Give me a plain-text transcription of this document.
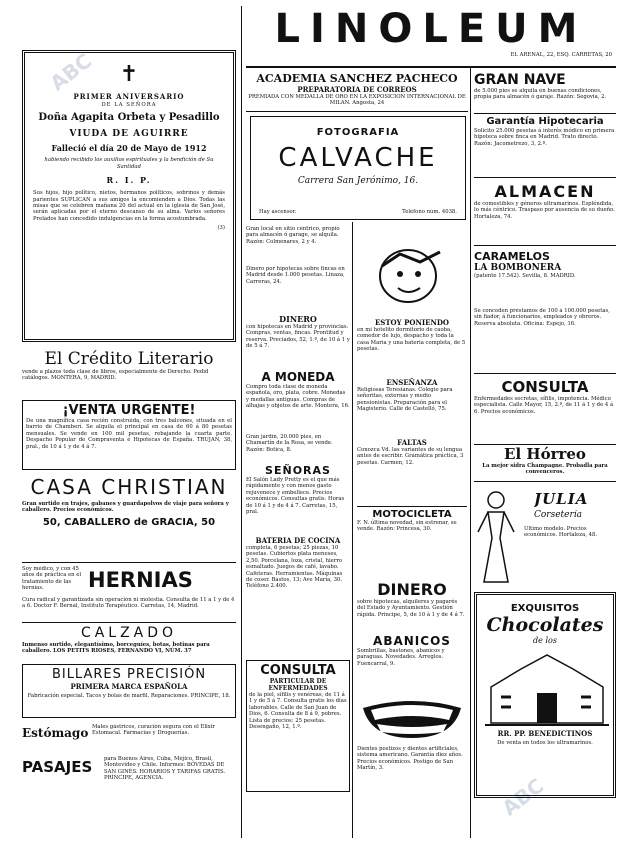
ABC
ABC
✝
PRIMER ANIVERSARIO
DE LA SEÑORA
Doña Agapita Orbeta y Pesadillo
VIUDA DE AGUIRRE
Falleció el día 20 de Mayo de 1912
habiendo recibido los auxilios espirituales y la bendición de Su Santidad
R. I. P.
Sus hijos, hijo político, nietos, hermanos políticos, sobrinos y demás parientes SUPLICAN a sus amigos la encomienden a Dios. Todas las misas que se celebren mañana 20 del actual en la iglesia de San José, serán aplicadas por el eterno descanso de su alma. Varios señores Prelados han concedido indulgencias en la forma acostumbrada.
(3)
El Crédito Literario
vende a plazos toda clase de libros, especialmente de Derecho. Pedid catálogos. MONTERA, 9, MADRID.
¡VENTA URGENTE!
De una magnífica casa recién construida, con tres balcones, situada en el barrio de Chamberí. Se alquila el principal en casa de 60 á 80 pesetas mensuales. Se vende en 100 mil pesetas, rebajando la cuarta parte. Despacho Popular de Compraventa é Hipotecas de España. TRUJAN, 38, pral., de 10 á 1 y de 4 á 7.
CASA CHRISTIAN
Gran surtido en trajes, gabanes y guardapolvos de viaje para señora y caballero. Precios económicos.
50, CABALLERO de GRACIA, 50
Soy médico, y con 45 años de práctica en el tratamiento de las hernias.	HERNIAS
Cura radical y garantizada sin operación ni molestia. Consulta de 11 a 1 y de 4 a 6. Doctor F. Bernal, Instituto Terapéutico. Carretas, 14, Madrid.
CALZADO
Inmenso surtido, elegantísimo, borceguíes, botas, botinas para caballero. LOS PETITS RIOSES, FERNANDO VI, NÚM. 37
BILLARES PRECISIÓN
PRIMERA MARCA ESPAÑOLA
Fabricación especial. Tacos y bolas de marfil. Reparaciones. PRINCIPE, 18.
Estómago Males gástricos, curación segura con el Elixir Estomacal. Farmacias y Droguerías.
PASAJES	para Buenos Aires, Cuba, Méjico, Brasil, Montevideo y Chile. Informes: BÓVEDAS DE SAN GINÉS. HORARIOS Y TARIFAS GRATIS. PRÍNCIPE, AGENCIA.
LINOLEUM
EL ARENAL, 22, ESQ. CARRETAS, 20
ACADEMIA SANCHEZ PACHECO
PREPARATORIA DE CORREOS
PREMIADA CON MEDALLA DE ORO EN LA EXPOSICION INTERNACIONAL DE MILAN. Angosta, 24
FOTOGRAFIA
CALVACHE
Carrera San Jerónimo, 16.
Hay ascensor.	Teléfono núm. 4038.
Gran local en sitio céntrico, propio para almacén ó garage, se alquila. Razón: Colmenares, 2 y 4.
Dinero por hipotecas sobre fincas en Madrid desde 1.000 pesetas. Linaza, Carreras, 24.
DINERO
con hipotecas en Madrid y provincias. Compras, ventas, fincas. Prontitud y reserva. Preciados, 52, 1.º, de 10 á 1 y de 5 á 7.
A MONEDA
Compro toda clase de moneda española, oro, plata, cobre. Monedas y medallas antiguas. Compras de alhajas y objetos de arte. Montera, 16.
Gran jardín, 20.000 pies, en Chamartín de la Rosa, se vende. Razón: Botica, 8.
SEÑORAS
El Salón Lady Pretty es el que más rápidamente y con menos gasto rejuvenece y embellece. Precios económicos. Consultas gratis. Horas de 10 á 1 y de 4 á 7. Carretas, 15, pral.
BATERIA DE COCINA
completa, 6 pesetas; 25 piezas, 10 pesetas. Cubiertos plata meneses, 2,50. Porcelana, loza, cristal, hierro esmaltado. Juegos de café, lavabo. Cafeteras. Herramientas. Máquinas de coser. Bastos, 13; Ave María, 30. Teléfono 2.400.
CONSULTA
PARTICULAR DE ENFERMEDADES
de la piel, sífilis y venéreas, de 11 á 1 y de 5 á 7. Consulta gratis los días laborables. Calle de San Juan de Dios, 6. Consulta de 8 á 9, pobres. Lista de precios: 25 pesetas. Desengaño, 12, 1.º.
ESTOY PONIENDO
en mi hotelito dormitorio de caoba, comedor de lujo, despacho y toda la casa Maria y una bateria completa, de 5 pesetas.
ENSEÑANZA
Religiosas Teresianas. Colegio para señoritas, externas y medio pensionistas. Preparación para el Magisterio. Calle de Castelló, 75.
FALTAS
Conozca Vd. las variantes de su lengua antes de escribir. Gramática práctica, 3 pesetas. Carmen, 12.
MOTOCICLETA
F. N. última novedad, sin estrenar, se vende. Razón: Princesa, 30.
DINERO
sobre hipotecas, alquileres y pagarés del Estado y Ayuntamiento. Gestión rápida. Principe, 5, de 10 á 1 y de 4 á 7.
ABANICOS
Sombrillas, bastones, abanicos y paraguas. Novedades. Arreglos. Fuencarral, 9.
Dientes postizos y dientes artificiales, sistema americano. Garantía diez años. Precios económicos. Postigo de San Martín, 3.
GRAN NAVE
de 5.000 pies se alquila en buenas condiciones, propia para almacén ó garaje. Razón: Segovia, 2.
Garantía Hipotecaria
Solicito 25.000 pesetas á interés módico en primera hipoteca sobre finca en Madrid. Trato directo. Razón: Jacometrezo, 3, 2.º.
ALMACEN
de comestibles y géneros ultramarinos. Espléndida, lo más céntrico. Traspaso por ausencia de su dueño. Hortaleza, 74.
CARAMELOS
LA BOMBONERA
(patente 17.542). Sevilla, 8. MADRID.
Se conceden préstamos de 100 á 100.000 pesetas, sin fiador, á funcionarios, empleados y obreros. Reserva absoluta. Oficina: Espejo, 16.
CONSULTA
Enfermedades secretas, sífilis, impotencia. Médico especialista. Calle Mayor, 15, 2.º, de 11 á 1 y de 4 á 6. Precios económicos.
El Hórreo
La mejor sidra Champagne. Probadla para convenceros.
JULIA
Corsetería
Último modelo. Precios económicos. Hortaleza, 48.
EXQUISITOS
Chocolates
de los
RR. PP. BENEDICTINOS
De venta en todos los ultramarinos.
